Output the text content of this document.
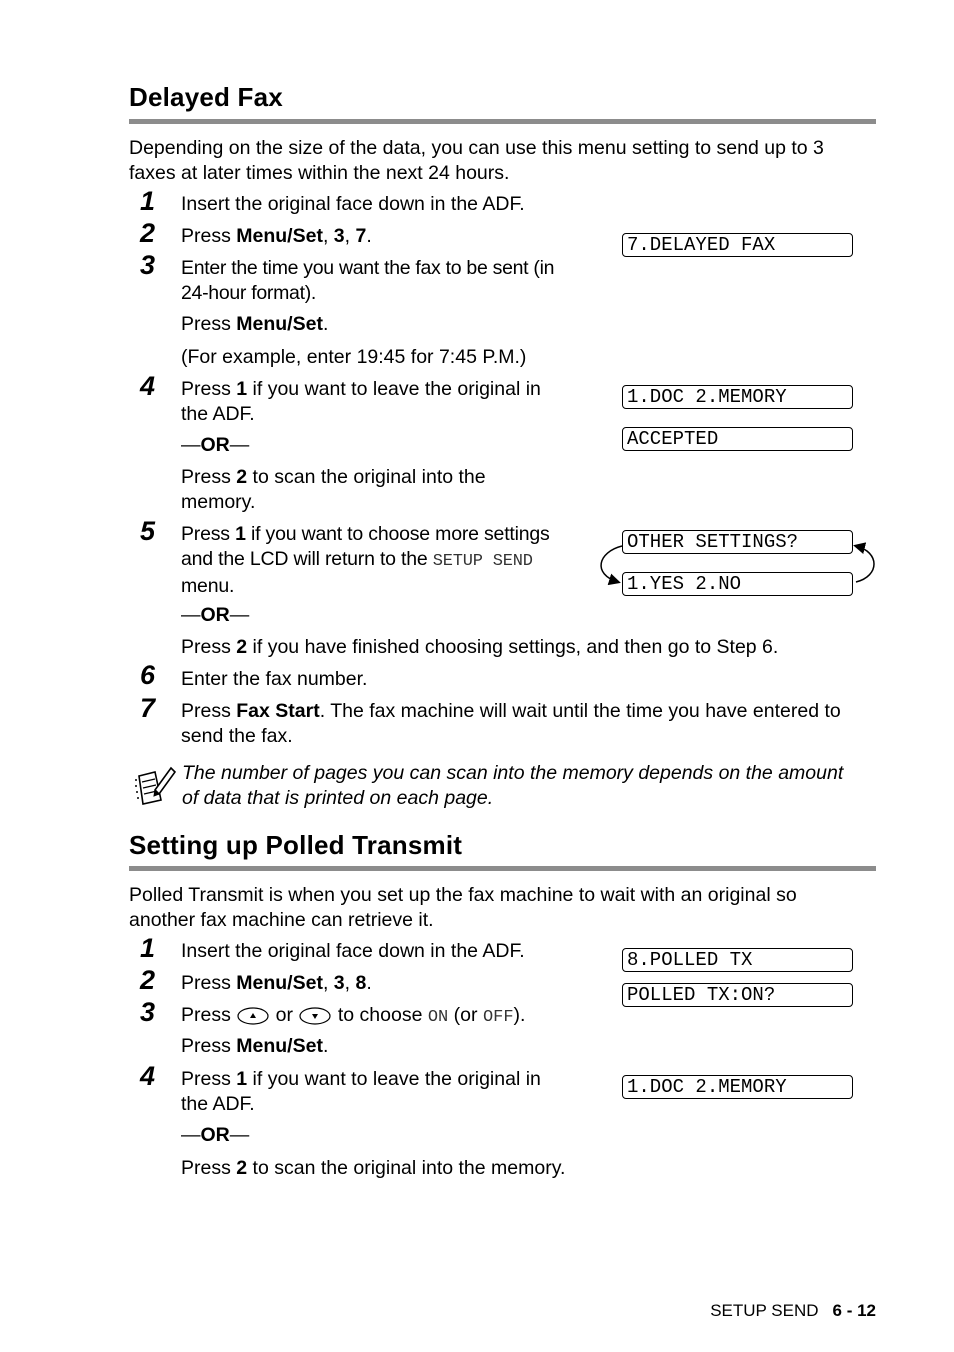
Delayed Fax
Depending on the size of the data, you can use this menu setting to send up to 3
faxes at later times within the next 24 hours.
1 Insert the original face down in the ADF.
2 Press Menu/Set, 3, 7.	7.DELAYED FAX
3 Enter the time you want the fax to be sent (in
24-hour format).
Press Menu/Set.
(For example, enter 19:45 for 7:45 P.M.)
4 Press 1 if you want to leave the original in
the ADF.
—OR—
Press 2 to scan the original into the
memory.
1.DOC 2.MEMORY
ACCEPTED
5 Press 1 if you want to choose more settings
and the LCD will return to the SETUP SEND
menu.
OTHER SETTINGS?
1.YES 2.NO
—OR—
Press 2 if you have finished choosing settings, and then go to Step 6.
6 Enter the fax number.
7 Press Fax Start. The fax machine will wait until the time you have entered to
send the fax.
The number of pages you can scan into the memory depends on the amount
of data that is printed on each page.
Setting up Polled Transmit
Polled Transmit is when you set up the fax machine to wait with an original so
another fax machine can retrieve it.
1 Insert the original face down in the ADF.	8.POLLED TX
2 Press Menu/Set, 3, 8.
POLLED TX:ON?
3 Press  or  to choose ON (or OFF).
Press Menu/Set.
4 Press 1 if you want to leave the original in
the ADF.
1.DOC 2.MEMORY
—OR—
Press 2 to scan the original into the memory.
SETUP SEND 6 - 12
